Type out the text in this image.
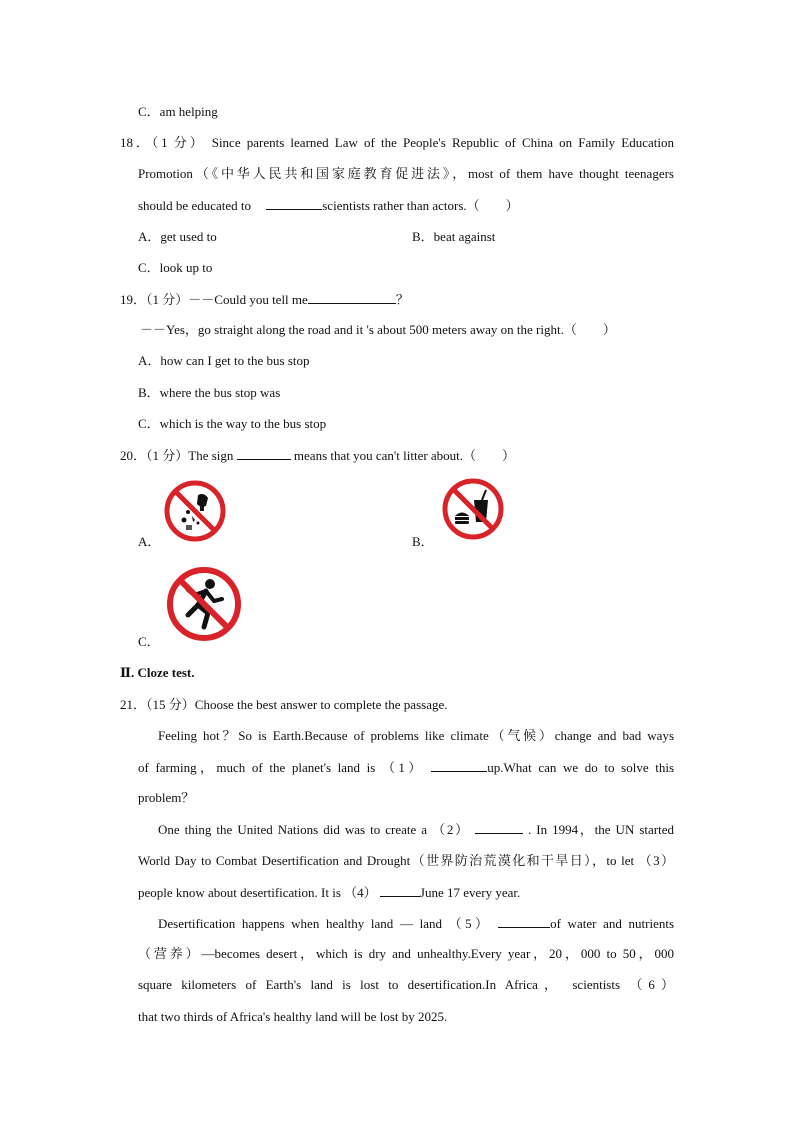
C．am helping
18．（1 分） Since parents learned Law of the People's Republic of China on Family Education
Promotion（《中华人民共和国家庭教育促进法》，most of them have thought teenagers
should be educated to	scientists rather than actors.（　　）
A．get used to	B．beat against
C．look up to
19．（1 分）－－Could you tell me	？
－－Yes，go straight along the road and it 's about 500 meters away on the right.（　　）
A．how can I get to the bus stop
B．where the bus stop was
C．which is the way to the bus stop
20．（1 分）The sign	means that you can't litter about.（　　）
A．	B．
C．
Ⅱ. Cloze test.
21．（15 分）Choose the best answer to complete the passage.
Feeling hot？So is Earth.Because of problems like climate（气候）change and bad ways
of farming，much of the planet's land is （1）	up.What can we do to solve this
problem？
One thing the United Nations did was to create a （2）	. In 1994，the UN started
World Day to Combat Desertification and Drought（世界防治荒漠化和干旱日），to let （3）
people know about desertification. It is （4）	June 17 every year.
Desertification happens when healthy land — land （5）	of water and nutrients
（营养）—becomes desert，which is dry and unhealthy.Every year，20，000 to 50，000
square kilometers of Earth's land is lost to desertification.In Africa， scientists （6）
that two thirds of Africa's healthy land will be lost by 2025.
